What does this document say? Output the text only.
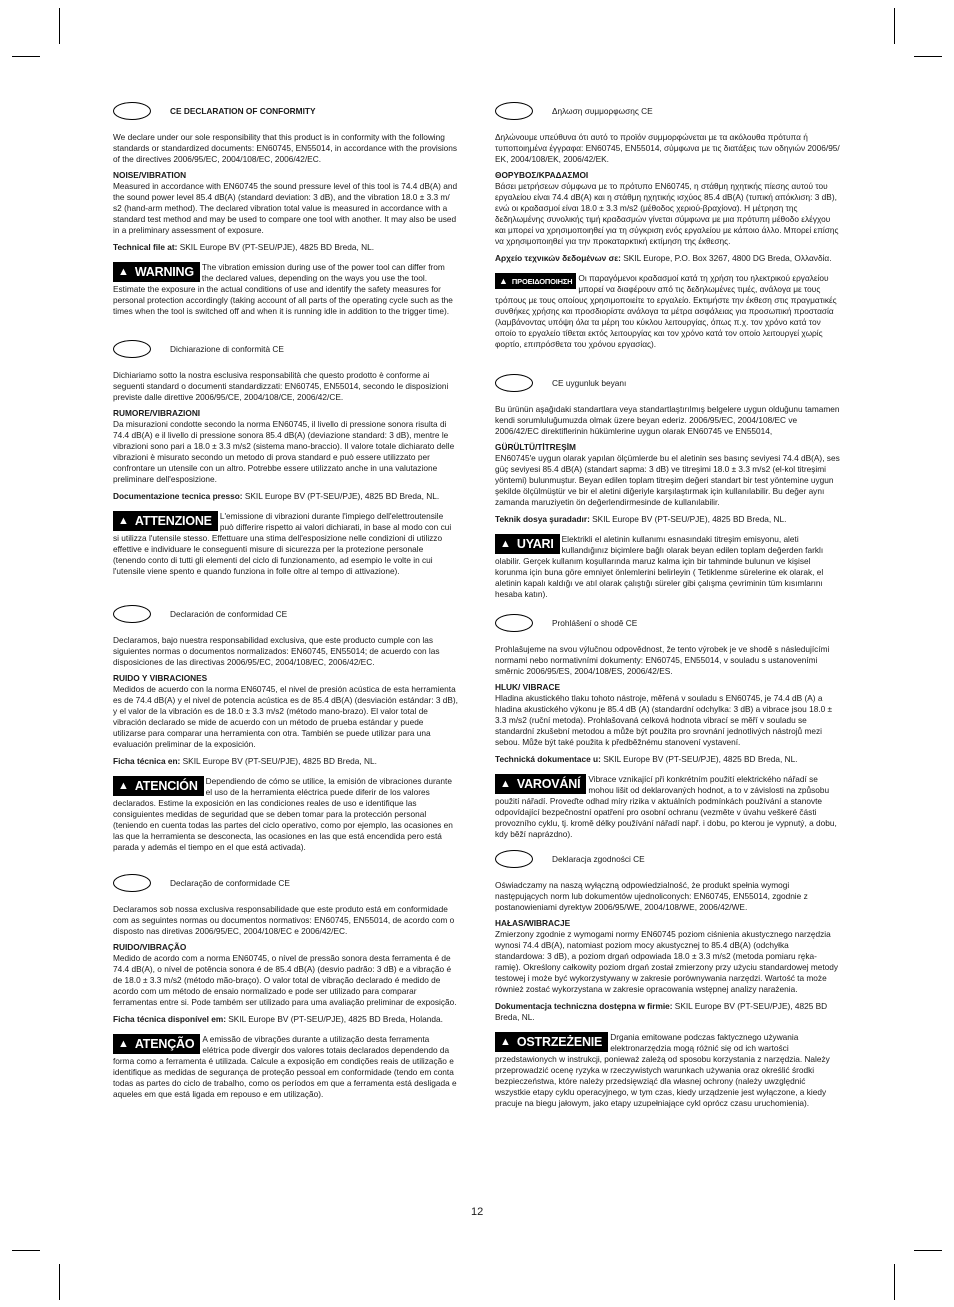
CE DECLARATION OF CONFORMITY

We declare under our sole responsibility that this product is in conformity with the following standards or standardized documents: EN60745, EN55014, in accordance with the provisions of the directives 2006/95/EC, 2004/108/EC, 2006/42/EC.

NOISE/VIBRATION

Measured in accordance with EN60745 the sound pressure level of this tool is 74.4 dB(A) and the sound power level 85.4 dB(A) (standard deviation: 3 dB), and the vibration 18.0 ± 3.3 m/ s2 (hand-arm method). The declared vibration total value is measured in accordance with a standard test method and may be used to compare one tool with another. It may also be used in a preliminary assessment of exposure.

Technical file at: SKIL Europe BV (PT-SEU/PJE), 4825 BD Breda, NL.

▲ WARNING The vibration emission during use of the power tool can differ from the declared values, depending on the ways you use the tool. Estimate the exposure in the actual conditions of use and identify the safety measures for personal protection accordingly (taking account of all parts of the operating cycle such as the times when the tool is switched off and when it is running idle in addition to the trigger time).
Dichiarazione di conformità CE

Dichiariamo sotto la nostra esclusiva responsabilità che questo prodotto è conforme ai seguenti standard o documenti standardizzati: EN60745, EN55014, secondo le disposizioni previste dalle direttive 2006/95/CE, 2004/108/CE, 2006/42/CE.

RUMORE/VIBRAZIONI

Da misurazioni condotte secondo la norma EN60745, il livello di pressione sonora risulta di 74.4 dB(A) e il livello di pressione sonora 85.4 dB(A) (deviazione standard: 3 dB), mentre le vibrazioni sono pari a 18.0 ± 3.3 m/s2 (sistema mano-braccio). Il valore totale dichiarato delle vibrazioni è misurato secondo un metodo di prova standard e può essere utilizzato per confrontare un utensile con un altro. Potrebbe essere utilizzato anche in una valutazione preliminare dell'esposizione.

Documentazione tecnica presso: SKIL Europe BV (PT-SEU/PJE), 4825 BD Breda, NL.

▲ ATTENZIONE L'emissione di vibrazioni durante l'impiego dell'elettroutensile può differire rispetto ai valori dichiarati, in base al modo con cui si utilizza l'utensile stesso. Effettuare una stima dell'esposizione nelle condizioni di utilizzo effettive e individuare le conseguenti misure di sicurezza per la protezione personale (tenendo conto di tutti gli elementi del ciclo di funzionamento, ad esempio le volte in cui l'utensile viene spento e quando funziona in folle oltre al tempo di attivazione).
Declaración de conformidad CE

Declaramos, bajo nuestra responsabilidad exclusiva, que este producto cumple con las siguientes normas o documentos normalizados: EN60745, EN55014; de acuerdo con las disposiciones de las directivas 2006/95/EC, 2004/108/EC, 2006/42/EC.

RUIDO Y VIBRACIONES

Medidos de acuerdo con la norma EN60745, el nivel de presión acústica de esta herramienta es de 74.4 dB(A) y el nivel de potencia acústica es de 85.4 dB(A) (desviación estándar: 3 dB), y el valor de la vibración es de 18.0 ± 3.3 m/s2 (método mano-brazo). El valor total de vibración declarado se mide de acuerdo con un método de prueba estándar y puede utilizarse para comparar una herramienta con otra. También se puede utilizar para una evaluación preliminar de la exposición.

Ficha técnica en: SKIL Europe BV (PT-SEU/PJE), 4825 BD Breda, NL.

▲ ATENCIÓN Dependiendo de cómo se utilice, la emisión de vibraciones durante el uso de la herramienta eléctrica puede diferir de los valores declarados. Estime la exposición en las condiciones reales de uso e identifique las consiguientes medidas de seguridad que se deben tomar para la protección personal (teniendo en cuenta todas las partes del ciclo operativo, como por ejemplo, las ocasiones en las que la herramienta se desconecta, las ocasiones en las que está encendida pero está parada y además el tiempo en el que está activada).
Declaração de conformidade CE

Declaramos sob nossa exclusiva responsabilidade que este produto está em conformidade com as seguintes normas ou documentos normativos: EN60745, EN55014, de acordo com o disposto nas diretivas 2006/95/EC, 2004/108/EC e 2006/42/EC.

RUIDO/VIBRAÇÃO

Medido de acordo com a norma EN60745, o nível de pressão sonora desta ferramenta é de 74.4 dB(A), o nível de potência sonora é de 85.4 dB(A) (desvio padrão: 3 dB) e a vibração é de 18.0 ± 3.3 m/s2 (método mão-braço). O valor total de vibração declarado é medido de acordo com um método de ensaio normalizado e pode ser utilizado para comparar ferramentas entre si. Pode também ser utilizado para uma avaliação preliminar de exposição.

Ficha técnica disponível em: SKIL Europe BV (PT-SEU/PJE), 4825 BD Breda, Holanda.

▲ ATENÇÃO A emissão de vibrações durante a utilização desta ferramenta elétrica pode divergir dos valores totais declarados dependendo da forma como a ferramenta é utilizada. Calcule a exposição em condições reais de utilização e identifique as medidas de segurança de proteção pessoal em conformidade (tendo em conta todas as partes do ciclo de trabalho, como os períodos em que a ferramenta está desligada e aqueles em que está ligada em repouso e em utilização).
Δηλωση συμμορφωσης CE

Δηλώνουμε υπεύθυνα ότι αυτό το προϊόν συμμορφώνεται με τα ακόλουθα πρότυπα ή τυποποιημένα έγγραφα: EN60745, EN55014, σύμφωνα με τις διατάξεις των οδηγιών 2006/95/ ΕΚ, 2004/108/ΕΚ, 2006/42/ΕΚ.

ΘΟΡΥΒΟΣ/ΚΡΑΔΑΣΜΟΙ

Βάσει μετρήσεων σύμφωνα με το πρότυπο EN60745, η στάθμη ηχητικής πίεσης αυτού του εργαλείου είναι 74.4 dB(A) και η στάθμη ηχητικής ισχύος 85.4 dB(A) (τυπική απόκλιση: 3 dB), ενώ οι κραδασμοί είναι 18.0 ± 3.3 m/s2 (μέθοδος χεριού-βραχίονα). Η μέτρηση της δεδηλωμένης συνολικής τιμή κραδασμών γίνεται σύμφωνα με μια πρότυπη μέθοδο ελέγχου και μπορεί να χρησιμοποιηθεί για τη σύγκριση ενός εργαλείου με κάποιο άλλο. Μπορεί επίσης να χρησιμοποιηθεί για την προκαταρκτική εκτίμηση της έκθεσης.

Αρχείο τεχνικών δεδομένων σε: SKIL Europe, P.O. Box 3267, 4800 DG Breda, Ολλανδία.

▲ ΠΡΟΕΙΔΟΠΟΙΗΣΗ Οι παραγόμενοι κραδασμοί κατά τη χρήση του ηλεκτρικού εργαλείου μπορεί να διαφέρουν από τις δεδηλωμένες τιμές, ανάλογα με τους τρόπους με τους οποίους χρησιμοποιείτε το εργαλείο. Εκτιμήστε την έκθεση στις πραγματικές συνθήκες χρήσης και προσδιορίστε ανάλογα τα μέτρα ασφάλειας για προσωπική προστασία (λαμβάνοντας υπόψη όλα τα μέρη του κύκλου λειτουργίας, όπως π.χ. τον χρόνο κατά τον οποίο το εργαλείο τίθεται εκτός λειτουργίας και τον χρόνο κατά τον οποίο λειτουργεί χωρίς φορτίο, επιπρόσθετα του χρόνου εργασίας).
CE uygunluk beyanı

Bu ürünün aşağıdaki standartlara veya standartlaştırılmış belgelere uygun olduğunu tamamen kendi sorumluluğumuzda olmak üzere beyan ederiz. 2006/95/EC, 2004/108/EC ve 2006/42/EC direktiflerinin hükümlerine uygun olarak EN60745 ve EN55014,

GÜRÜLTÜ/TİTREŞİM

EN60745'e uygun olarak yapılan ölçümlerde bu el aletinin ses basınç seviyesi 74.4 dB(A), ses güç seviyesi 85.4 dB(A) (standart sapma: 3 dB) ve titreşimi 18.0 ± 3.3 m/s2 (el-kol titreşimi yöntemi) bulunmuştur. Beyan edilen toplam titreşim değeri standart bir test yöntemine uygun şekilde ölçülmüştür ve bir el aletini diğeriyle karşılaştırmak için kullanılabilir. Bu değer aynı zamanda maruziyetin ön değerlendirmesinde de kullanılabilir.

Teknik dosya şuradadır: SKIL Europe BV (PT-SEU/PJE), 4825 BD Breda, NL.

▲ UYARI Elektrikli el aletinin kullanımı esnasındaki titreşim emisyonu, aleti kullandığınız biçimlere bağlı olarak beyan edilen toplam değerden farklı olabilir. Gerçek kullanım koşullarında maruz kalma için bir tahminde bulunun ve kişisel korunma için buna göre emniyet önlemlerini belirleyin ( Tetiklenme sürelerine ek olarak, el aletinin kapalı kaldığı ve atıl olarak çalıştığı süreler gibi çalışma çevriminin tüm kısımlarını hesaba katın).
Prohlášení o shodě CE

Prohlašujeme na svou výlučnou odpovědnost, že tento výrobek je ve shodě s následujícími normami nebo normativními dokumenty: EN60745, EN55014, v souladu s ustanoveními směrnic 2006/95/ES, 2004/108/ES, 2006/42/ES.

HLUK/ VIBRACE

Hladina akustického tlaku tohoto nástroje, měřená v souladu s EN60745, je 74.4 dB (A) a hladina akustického výkonu je 85.4 dB (A) (standardní odchylka: 3 dB) a vibrace jsou 18.0 ± 3.3 m/s2 (ruční metoda). Prohlašovaná celková hodnota vibrací se měří v souladu se standardní zkušební metodou a může být použita pro srovnání jednotlivých nástrojů mezi sebou. Může být také použita k předběžnému stanovení vystavení.

Technická dokumentace u: SKIL Europe BV (PT-SEU/PJE), 4825 BD Breda, NL.

▲ VAROVÁNÍ Vibrace vznikající při konkrétním použití elektrického nářadí se mohou lišit od deklarovaných hodnot, a to v závislosti na způsobu použití nářadí. Proveďte odhad míry rizika v aktuálních podmínkách používání a stanovte odpovídající bezpečnostní opatření pro osobní ochranu (vezměte v úvahu veškeré části provozního cyklu, tj. kromě délky používání nářadí např. i dobu, po kterou je vypnutý, a dobu, kdy běží naprázdno).
Deklaracja zgodności CE

Oświadczamy na naszą wyłączną odpowiedzialność, że produkt spełnia wymogi następujących norm lub dokumentów ujednoliconych: EN60745, EN55014, zgodnie z postanowieniami dyrektyw 2006/95/WE, 2004/108/WE, 2006/42/WE.

HAŁAS/WIBRACJE

Zmierzony zgodnie z wymogami normy EN60745 poziom ciśnienia akustycznego narzędzia wynosi 74.4 dB(A), natomiast poziom mocy akustycznej to 85.4 dB(A) (odchyłka standardowa: 3 dB), a poziom drgań odpowiada 18.0 ± 3.3 m/s2 (metoda pomiaru ręka-ramię). Określony całkowity poziom drgań został zmierzony przy użyciu standardowej metody testowej i może być wykorzystywany w zakresie porównywania narzędzi. Wartość ta może również zostać wykorzystana w zakresie opracowania wstępnej analizy narażenia.

Dokumentacja techniczna dostępna w firmie: SKIL Europe BV (PT-SEU/PJE), 4825 BD Breda, NL.

▲ OSTRZEŻENIE Drgania emitowane podczas faktycznego używania elektronarzędzia mogą różnić się od ich wartości przedstawionych w instrukcji, ponieważ zależą od sposobu korzystania z narzędzia. Należy przeprowadzić ocenę ryzyka w rzeczywistych warunkach używania oraz określić środki bezpieczeństwa, które należy przedsięwziąć dla własnej ochrony (należy uwzględnić wszystkie etapy cyklu operacyjnego, w tym czas, kiedy urządzenie jest wyłączone, a kiedy pracuje na biegu jałowym, jako etapy uzupełniające cykl oprócz czasu uruchomienia).
12
